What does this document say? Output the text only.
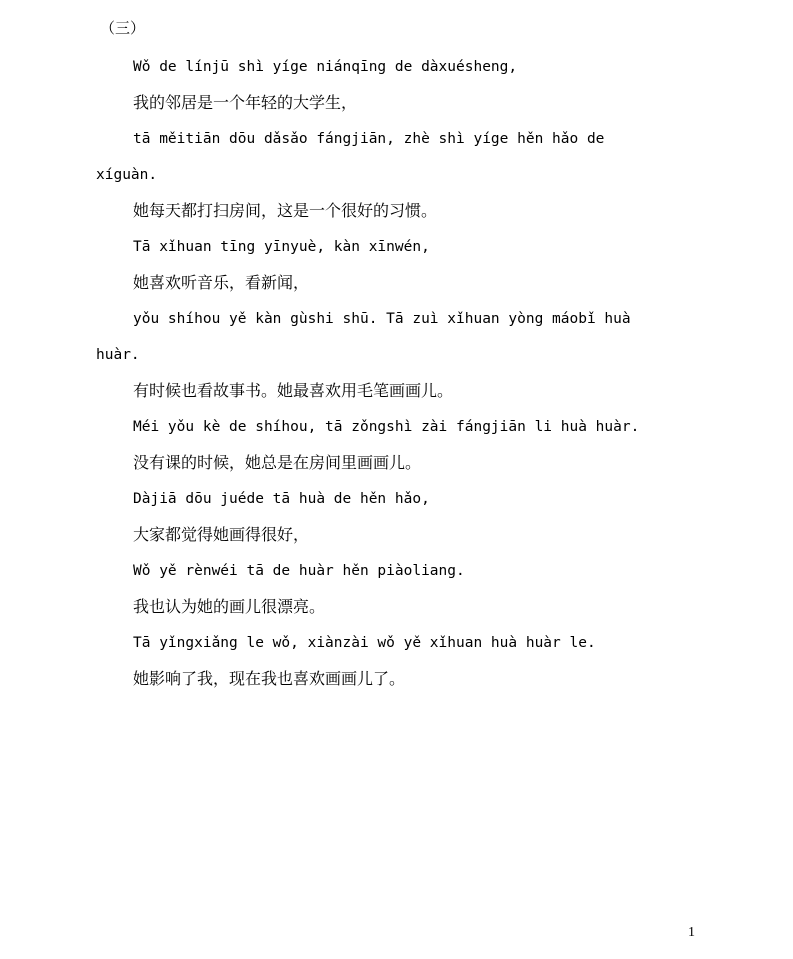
（三）
Wǒ de línjū shì yíge niánqīng de dàxuésheng,
我的邻居是一个年轻的大学生，
tā měitiān dōu dǎsǎo fángjiān, zhè shì yíge hěn hǎo de
xíguàn.
她每天都打扫房间，这是一个很好的习惯。
Tā xǐhuan tīng yīnyuè, kàn xīnwén,
她喜欢听音乐，看新闻，
yǒu shíhou yě kàn gùshi shū. Tā zuì xǐhuan yòng máobǐ huà
huàr.
有时候也看故事书。她最喜欢用毛笔画画儿。
Méi yǒu kè de shíhou, tā zǒngshì zài fángjiān li huà huàr.
没有课的时候，她总是在房间里画画儿。
Dàjiā dōu juéde tā huà de hěn hǎo,
大家都觉得她画得很好，
Wǒ yě rènwéi tā de huàr hěn piàoliang.
我也认为她的画儿很漂亮。
Tā yǐngxiǎng le wǒ, xiànzài wǒ yě xǐhuan huà huàr le.
她影响了我，现在我也喜欢画画儿了。
1
